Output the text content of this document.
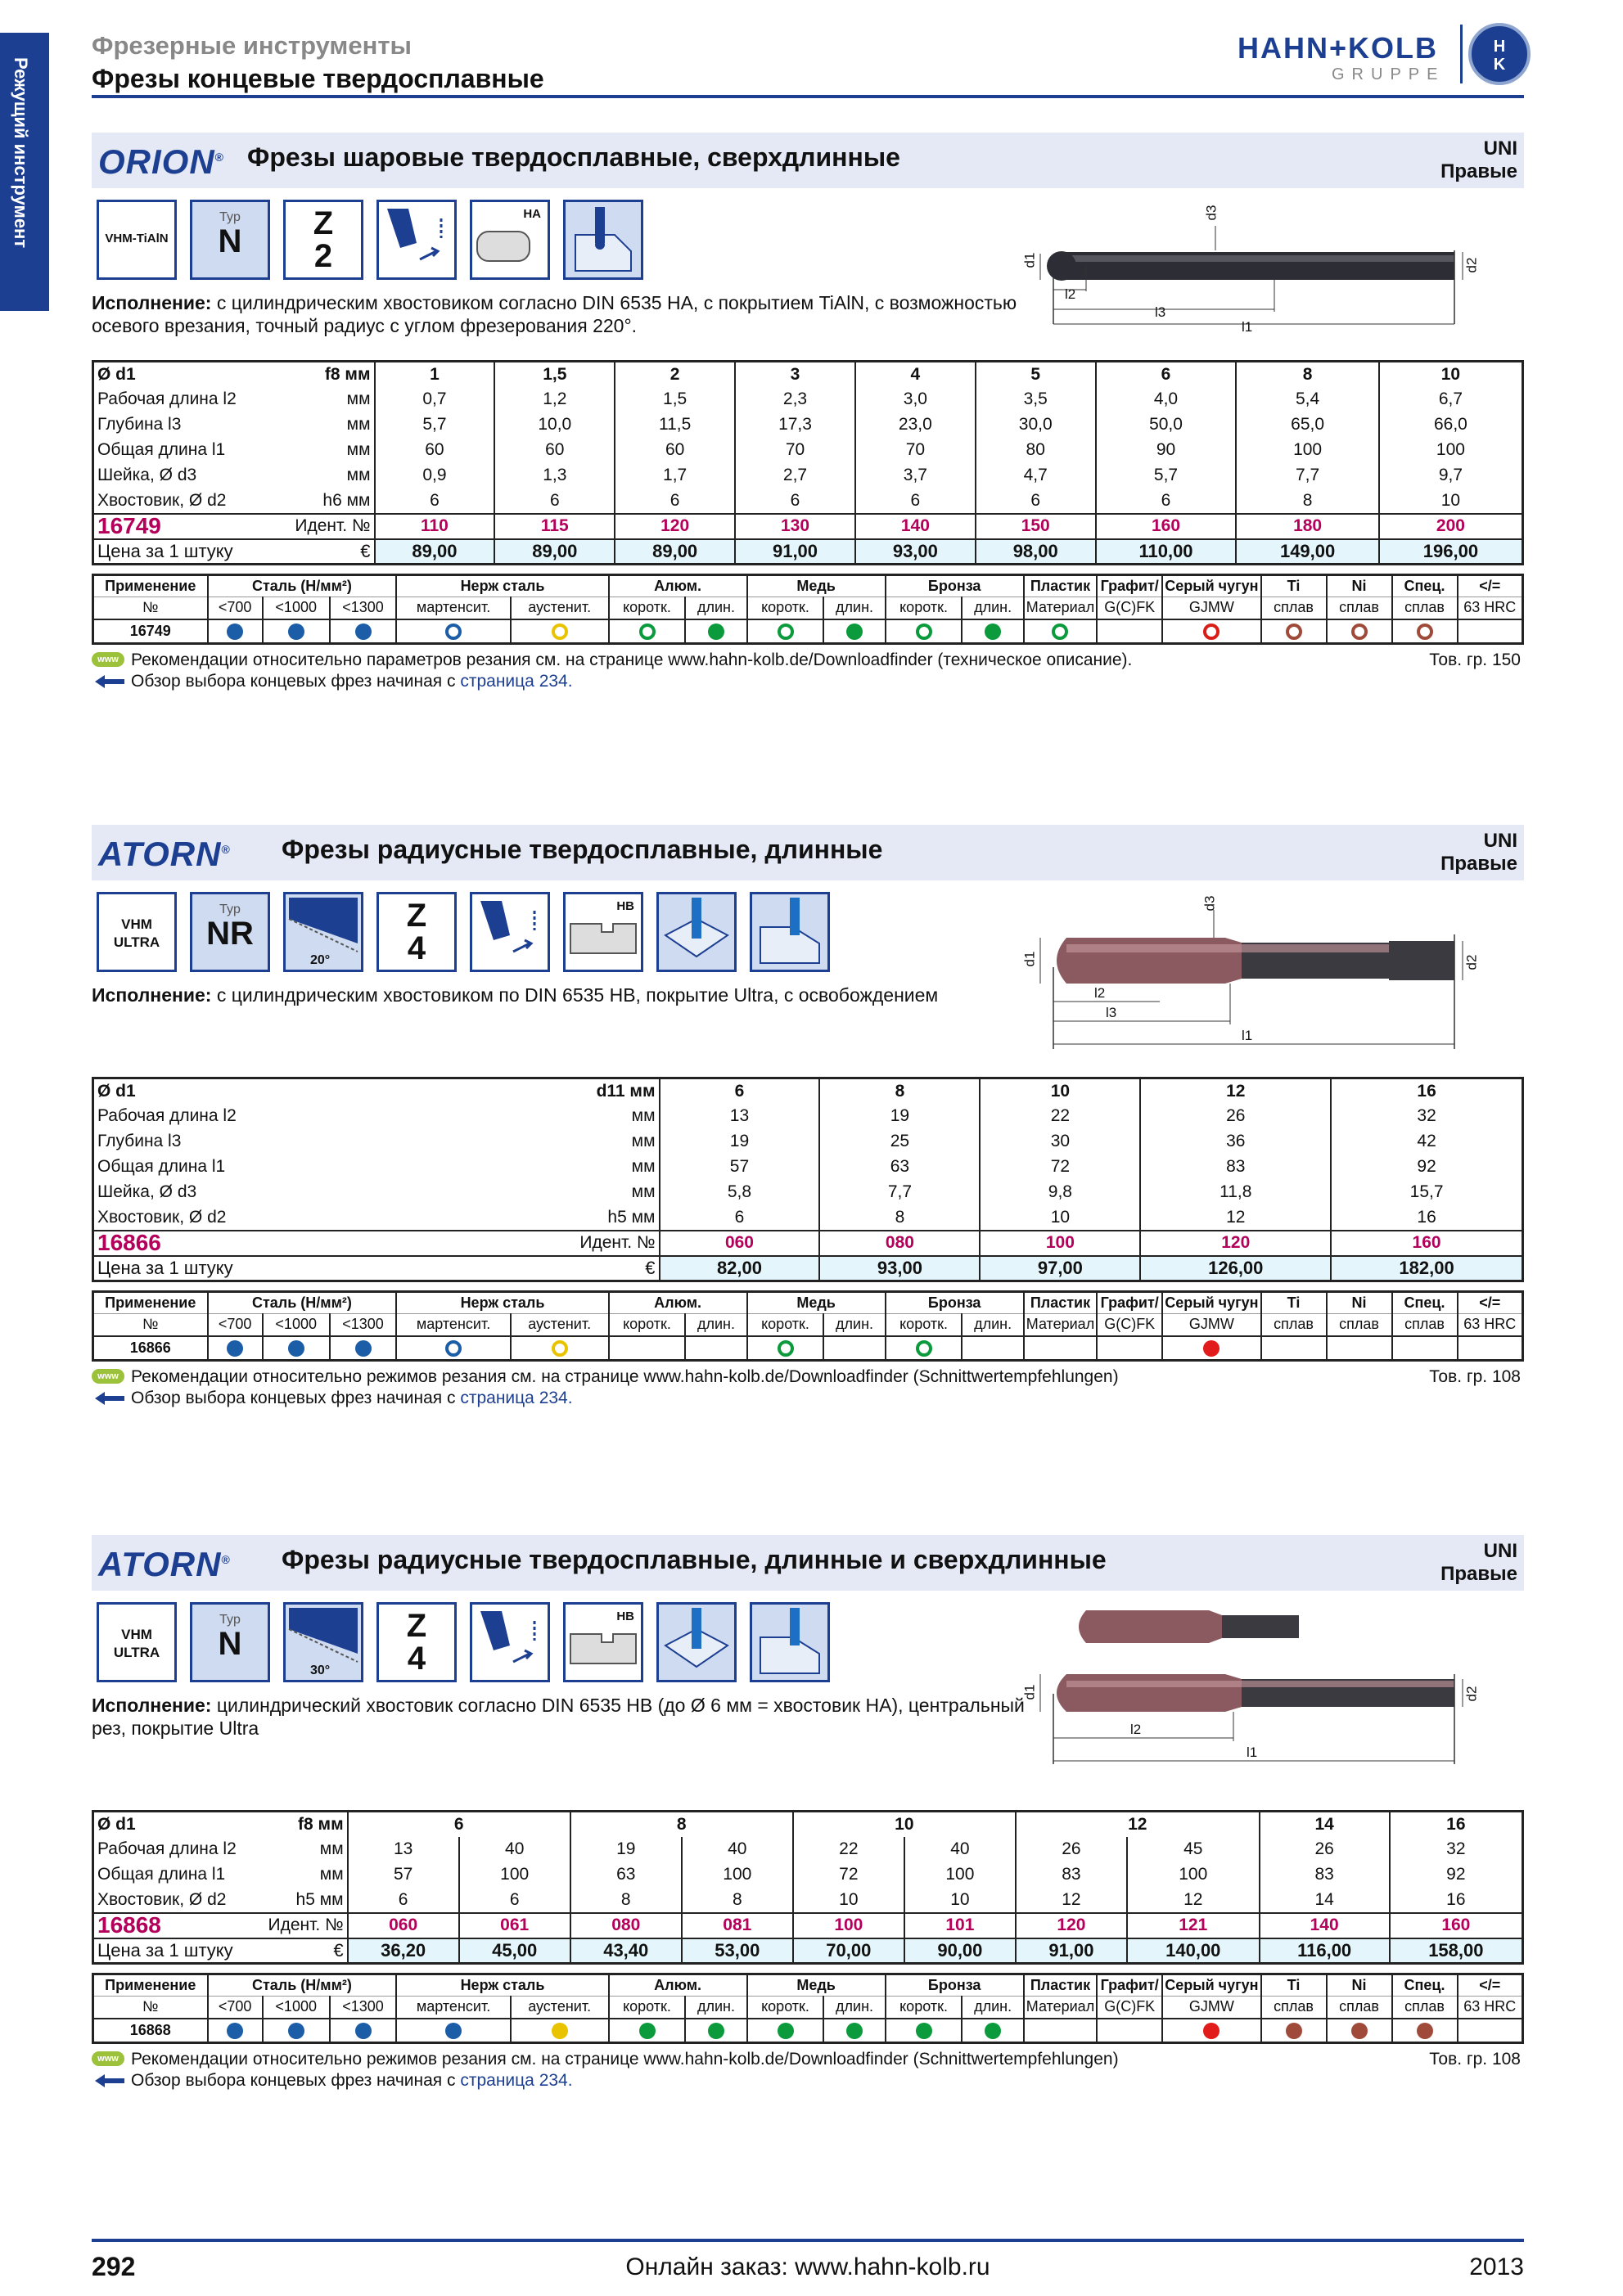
Режущий инструмент
Фрезерные инструменты
Фрезы концевые твердосплавные
HAHN+KOLB
GRUPPE
H
K
ORION® Фрезы шаровые твердосплавные, сверхдлинные	UNI
Правые
VHM-TiAlN
Typ
N	Z
2
HA
Исполнение: с цилиндрическим хвостовиком согласно DIN 6535 HA, с покрытием TiAlN, с возможностью осевого врезания, точный радиус с углом фрезерования 220°.
d1	d2
d3
l2
l3
l1
Ø d1	f8 мм	1	1,5	2	3	4	5	6	8	10
Рабочая длина l2	мм	0,7	1,2	1,5	2,3	3,0	3,5	4,0	5,4	6,7
Глубина l3	мм	5,7	10,0	11,5	17,3	23,0	30,0	50,0	65,0	66,0
Общая длина l1	мм	60	60	60	70	70	80	90	100	100
Шейка, Ø d3	мм	0,9	1,3	1,7	2,7	3,7	4,7	5,7	7,7	9,7
Хвостовик, Ø d2	h6 мм	6	6	6	6	6	6	6	8	10
16749	Идент. №	110	115	120	130	140	150	160	180	200
Цена за 1 штуку	€	89,00	89,00	89,00	91,00	93,00	98,00	110,00	149,00	196,00
Применение	Сталь (Н/мм²)			Нерж сталь		Алюм.		Медь		Бронза		Пластик	Графит/	Серый чугун	Ti	Ni	Спец.	</=
№	<700	<1000	<1300	мартенсит.	аустенит.	коротк.	длин.	коротк.	длин.	коротк.	длин.	Материал	G(C)FK	GJMW	сплав	сплав	сплав	63 HRC
16749																		
www Рекомендации относительно параметров резания см. на странице www.hahn-kolb.de/Downloadfinder (техническое описание).	Тов. гр. 150
Обзор выбора концевых фрез начиная с страница 234.
ATORN® Фрезы радиусные твердосплавные, длинные	UNI
Правые
VHM ULTRA
Typ
NR
20°
Z
4
HB
Исполнение: с цилиндрическим хвостовиком по DIN 6535 HB, покрытие Ultra, с освобождением
d1	d2
d3
l2
l3
l1
Ø d1	d11 мм	6	8	10	12	16
Рабочая длина l2	мм	13	19	22	26	32
Глубина l3	мм	19	25	30	36	42
Общая длина l1	мм	57	63	72	83	92
Шейка, Ø d3	мм	5,8	7,7	9,8	11,8	15,7
Хвостовик, Ø d2	h5 мм	6	8	10	12	16
16866	Идент. №	060	080	100	120	160
Цена за 1 штуку	€	82,00	93,00	97,00	126,00	182,00
Применение	Сталь (Н/мм²)			Нерж сталь		Алюм.		Медь		Бронза		Пластик	Графит/	Серый чугун	Ti	Ni	Спец.	</=
№	<700	<1000	<1300	мартенсит.	аустенит.	коротк.	длин.	коротк.	длин.	коротк.	длин.	Материал	G(C)FK	GJMW	сплав	сплав	сплав	63 HRC
16866																		
www Рекомендации относительно режимов резания см. на странице www.hahn-kolb.de/Downloadfinder (Schnittwertempfehlungen)	Тов. гр. 108
Обзор выбора концевых фрез начиная с страница 234.
ATORN® Фрезы радиусные твердосплавные, длинные и сверхдлинные	UNI
Правые
VHM ULTRA
Typ
N
30°
Z
4
HB
Исполнение: цилиндрический хвостовик согласно DIN 6535 HB (до Ø 6 мм = хвостовик HA), центральный рез, покрытие Ultra
d1	d2
l2
l1
Ø d1	f8 мм	6		8		10		12		14	16
Рабочая длина l2	мм	13	40	19	40	22	40	26	45	26	32
Общая длина l1	мм	57	100	63	100	72	100	83	100	83	92
Хвостовик, Ø d2	h5 мм	6	6	8	8	10	10	12	12	14	16
16868	Идент. №	060	061	080	081	100	101	120	121	140	160
Цена за 1 штуку	€	36,20	45,00	43,40	53,00	70,00	90,00	91,00	140,00	116,00	158,00
Применение	Сталь (Н/мм²)			Нерж сталь		Алюм.		Медь		Бронза		Пластик	Графит/	Серый чугун	Ti	Ni	Спец.	</=
№	<700	<1000	<1300	мартенсит.	аустенит.	коротк.	длин.	коротк.	длин.	коротк.	длин.	Материал	G(C)FK	GJMW	сплав	сплав	сплав	63 HRC
16868																		
www Рекомендации относительно режимов резания см. на странице www.hahn-kolb.de/Downloadfinder (Schnittwertempfehlungen)	Тов. гр. 108
Обзор выбора концевых фрез начиная с страница 234.
292	Онлайн заказ: www.hahn-kolb.ru	2013
